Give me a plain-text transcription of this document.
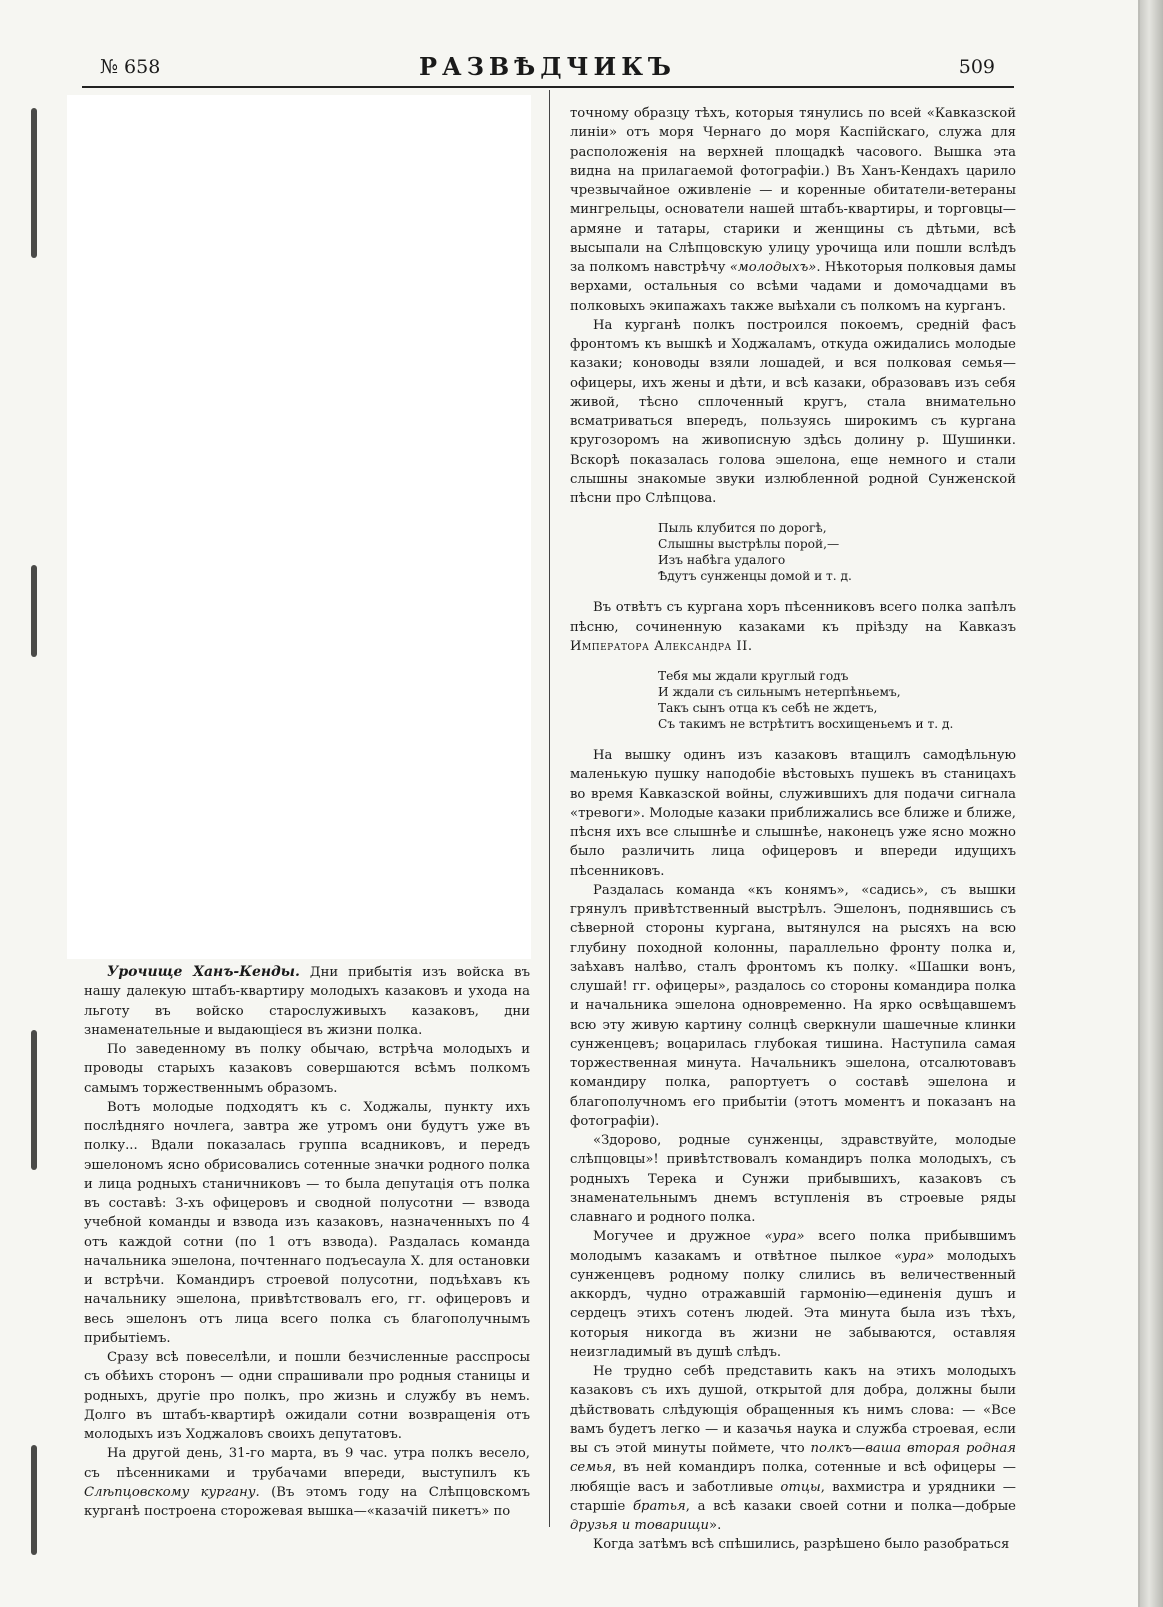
№ 658	РАЗВѢДЧИКЪ	509

Урочище Ханъ-Кенды. Дни прибытія изъ войска въ нашу далекую штабъ-квартиру молодыхъ казаковъ и ухода на льготу въ войско старослуживыхъ казаковъ, дни знаменательные и выдающіеся въ жизни полка.

По заведенному въ полку обычаю, встрѣча молодыхъ и проводы старыхъ казаковъ совершаются всѣмъ полкомъ самымъ торжественнымъ образомъ.

Вотъ молодые подходятъ къ с. Ходжалы, пункту ихъ послѣдняго ночлега, завтра же утромъ они будутъ уже въ полку... Вдали показалась группа всадниковъ, и передъ эшелономъ ясно обрисовались сотенные значки родного полка и лица родныхъ станичниковъ — то была депутація отъ полка въ составѣ: 3-хъ офицеровъ и сводной полусотни — взвода учебной команды и взвода изъ казаковъ, назначенныхъ по 4 отъ каждой сотни (по 1 отъ взвода). Раздалась команда начальника эшелона, почтеннаго подъесаула Х. для остановки и встрѣчи. Командиръ строевой полусотни, подъѣхавъ къ начальнику эшелона, привѣтствовалъ его, гг. офицеровъ и весь эшелонъ отъ лица всего полка съ благополучнымъ прибытіемъ.

Сразу всѣ повеселѣли, и пошли безчисленные расспросы съ обѣихъ сторонъ — одни спрашивали про родныя станицы и родныхъ, другіе про полкъ, про жизнь и службу въ немъ. Долго въ штабъ-квартирѣ ожидали сотни возвращенія отъ молодыхъ изъ Ходжаловъ своихъ депутатовъ.

На другой день, 31-го марта, въ 9 час. утра полкъ весело, съ пѣсенниками и трубачами впереди, выступилъ къ Слѣпцовскому кургану. (Въ этомъ году на Слѣпцовскомъ курганѣ построена сторожевая вышка—«казачій пикетъ» по

точному образцу тѣхъ, которыя тянулись по всей «Кавказской линіи» отъ моря Чернаго до моря Каспійскаго, служа для расположенія на верхней площадкѣ часового. Вышка эта видна на прилагаемой фотографіи.) Въ Ханъ-Кендахъ царило чрезвычайное оживленіе — и коренные обитатели-ветераны мингрельцы, основатели нашей штабъ-квартиры, и торговцы—армяне и татары, старики и женщины съ дѣтьми, всѣ высыпали на Слѣпцовскую улицу урочища или пошли вслѣдъ за полкомъ навстрѣчу «молодыхъ». Нѣкоторыя полковыя дамы верхами, остальныя со всѣми чадами и домочадцами въ полковыхъ экипажахъ также выѣхали съ полкомъ на курганъ.

На курганѣ полкъ построился покоемъ, средній фасъ фронтомъ къ вышкѣ и Ходжаламъ, откуда ожидались молодые казаки; коноводы взяли лошадей, и вся полковая семья—офицеры, ихъ жены и дѣти, и всѣ казаки, образовавъ изъ себя живой, тѣсно сплоченный кругъ, стала внимательно всматриваться впередъ, пользуясь широкимъ съ кургана кругозоромъ на живописную здѣсь долину р. Шушинки. Вскорѣ показалась голова эшелона, еще немного и стали слышны знакомые звуки излюбленной родной Сунженской пѣсни про Слѣпцова.

Пыль клубится по дорогѣ,
Слышны выстрѣлы порой,—
Изъ набѣга удалого
Ѣдутъ сунженцы домой и т. д.

Въ отвѣтъ съ кургана хоръ пѣсенниковъ всего полка запѣлъ пѣсню, сочиненную казаками къ пріѣзду на Кавказъ Императора Александра II.

Тебя мы ждали круглый годъ
И ждали съ сильнымъ нетерпѣньемъ,
Такъ сынъ отца къ себѣ не ждетъ,
Съ такимъ не встрѣтитъ восхищеньемъ и т. д.

На вышку одинъ изъ казаковъ втащилъ самодѣльную маленькую пушку наподобіе вѣстовыхъ пушекъ въ станицахъ во время Кавказской войны, служившихъ для подачи сигнала «тревоги». Молодые казаки приближались все ближе и ближе, пѣсня ихъ все слышнѣе и слышнѣе, наконецъ уже ясно можно было различить лица офицеровъ и впереди идущихъ пѣсенниковъ.

Раздалась команда «къ конямъ», «садись», съ вышки грянулъ привѣтственный выстрѣлъ. Эшелонъ, поднявшись съ сѣверной стороны кургана, вытянулся на рысяхъ на всю глубину походной колонны, параллельно фронту полка и, заѣхавъ налѣво, сталъ фронтомъ къ полку. «Шашки вонъ, слушай! гг. офицеры», раздалось со стороны командира полка и начальника эшелона одновременно. На ярко освѣщавшемъ всю эту живую картину солнцѣ сверкнули шашечные клинки сунженцевъ; воцарилась глубокая тишина. Наступила самая торжественная минута. Начальникъ эшелона, отсалютовавъ командиру полка, рапортуетъ о составѣ эшелона и благополучномъ его прибытіи (этотъ моментъ и показанъ на фотографіи).

«Здорово, родные сунженцы, здравствуйте, молодые слѣпцовцы»! привѣтствовалъ командиръ полка молодыхъ, съ родныхъ Терека и Сунжи прибывшихъ, казаковъ съ знаменательнымъ днемъ вступленія въ строевые ряды славнаго и родного полка.

Могучее и дружное «ура» всего полка прибывшимъ молодымъ казакамъ и отвѣтное пылкое «ура» молодыхъ сунженцевъ родному полку слились въ величественный аккордъ, чудно отражавшій гармонію—единенія душъ и сердецъ этихъ сотенъ людей. Эта минута была изъ тѣхъ, которыя никогда въ жизни не забываются, оставляя неизгладимый въ душѣ слѣдъ.

Не трудно себѣ представить какъ на этихъ молодыхъ казаковъ съ ихъ душой, открытой для добра, должны были дѣйствовать слѣдующія обращенныя къ нимъ слова: — «Все вамъ будетъ легко — и казачья наука и служба строевая, если вы съ этой минуты поймете, что полкъ—ваша вторая родная семья, въ ней командиръ полка, сотенные и всѣ офицеры — любящіе васъ и заботливые отцы, вахмистра и урядники — старшіе братья, а всѣ казаки своей сотни и полка—добрые друзья и товарищи».

Когда затѣмъ всѣ спѣшились, разрѣшено было разобраться
